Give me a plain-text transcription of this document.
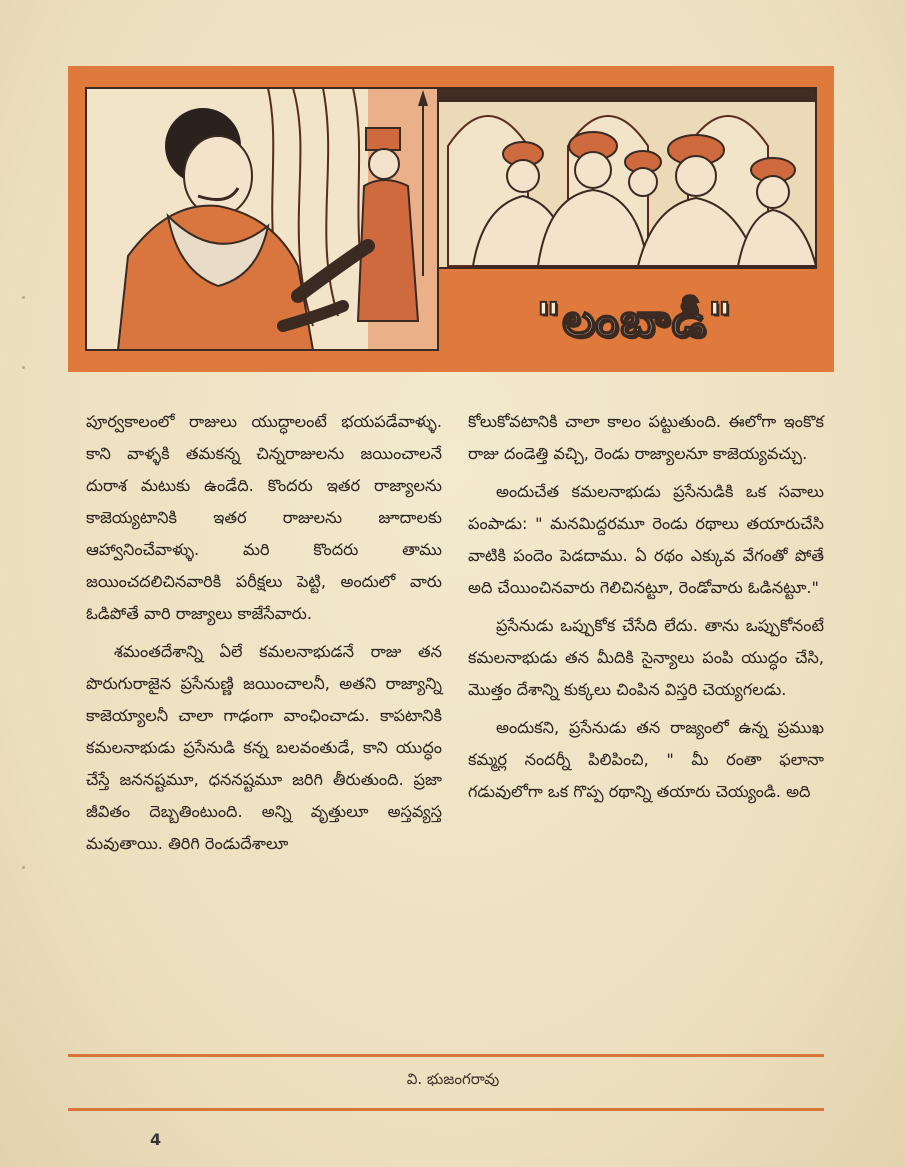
"లంబాడీ"

పూర్వకాలంలో రాజులు యుద్ధాలంటే భయపడేవాళ్ళు. కాని వాళ్ళకి తమకన్న చిన్నరాజులను జయించాలనే దురాశ మటుకు ఉండేది. కొందరు ఇతర రాజ్యాలను కాజెయ్యటానికి ఇతర రాజులను జూదాలకు ఆహ్వానించేవాళ్ళు. మరి కొందరు తాము జయించదలిచినవారికి పరీక్షలు పెట్టి, అందులో వారు ఓడిపోతే వారి రాజ్యాలు కాజేసేవారు.

శమంతదేశాన్ని ఏలే కమలనాభుడనే రాజు తన పొరుగురాజైన ప్రసేనుణ్ణి జయించాలనీ, అతని రాజ్యాన్ని కాజెయ్యాలనీ చాలా గాఢంగా వాంఛించాడు. కాపటానికి కమలనాభుడు ప్రసేనుడి కన్న బలవంతుడే, కాని యుద్ధం చేస్తే జననష్టమూ, ధననష్టమూ జరిగి తీరుతుంది. ప్రజా జీవితం దెబ్బతింటుంది. అన్ని వృత్తులూ అస్తవ్యస్త మవుతాయి. తిరిగి రెండుదేశాలూ

కోలుకోవటానికి చాలా కాలం పట్టుతుంది. ఈలోగా ఇంకొక రాజు దండెత్తి వచ్చి, రెండు రాజ్యాలనూ కాజెయ్యవచ్చు.

అందుచేత కమలనాభుడు ప్రసేనుడికి ఒక సవాలు పంపాడు: " మనమిద్దరమూ రెండు రథాలు తయారుచేసి వాటికి పందెం పెడదాము. ఏ రథం ఎక్కువ వేగంతో పోతే అది చేయించినవారు గెలిచినట్టూ, రెండోవారు ఓడినట్టూ."

ప్రసేనుడు ఒప్పుకోక చేసేది లేదు. తాను ఒప్పుకోనంటే కమలనాభుడు తన మీదికి సైన్యాలు పంపి యుద్ధం చేసి, మొత్తం దేశాన్ని కుక్కలు చింపిన విస్తరి చెయ్యగలడు.

అందుకని, ప్రసేనుడు తన రాజ్యంలో ఉన్న ప్రముఖ కమ్మర్ల నందర్నీ పిలిపించి, " మీ రంతా ఫలానా గడువులోగా ఒక గొప్ప రథాన్ని తయారు చెయ్యండి. అది

వి. భుజంగరావు
4
